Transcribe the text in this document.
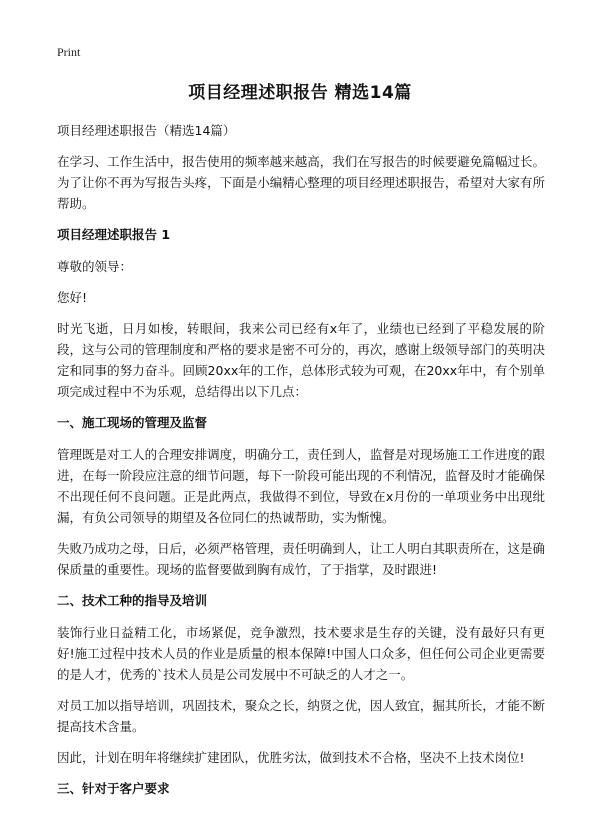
Print
项目经理述职报告 精选14篇

项目经理述职报告（精选14篇）

在学习、工作生活中，报告使用的频率越来越高，我们在写报告的时候要避免篇幅过长。为了让你不再为写报告头疼，下面是小编精心整理的项目经理述职报告，希望对大家有所帮助。

项目经理述职报告 1

尊敬的领导：

您好!

时光飞逝，日月如梭，转眼间，我来公司已经有x年了，业绩也已经到了平稳发展的阶段，这与公司的管理制度和严格的要求是密不可分的，再次，感谢上级领导部门的英明决定和同事的努力奋斗。回顾20xx年的工作，总体形式较为可观，在20xx年中，有个别单项完成过程中不为乐观，总结得出以下几点：

一、施工现场的管理及监督

管理既是对工人的合理安排调度，明确分工，责任到人，监督是对现场施工工作进度的跟进，在每一阶段应注意的细节问题，每下一阶段可能出现的不利情况，监督及时才能确保不出现任何不良问题。正是此两点，我做得不到位，导致在x月份的一单项业务中出现纰漏，有负公司领导的期望及各位同仁的热诚帮助，实为惭愧。

失败乃成功之母，日后，必须严格管理，责任明确到人，让工人明白其职责所在，这是确保质量的重要性。现场的监督要做到胸有成竹，了于指掌，及时跟进!

二、技术工种的指导及培训

装饰行业日益精工化，市场紧促，竞争激烈，技术要求是生存的关键，没有最好只有更好!施工过程中技术人员的作业是质量的根本保障!中国人口众多，但任何公司企业更需要的是人才，优秀的`技术人员是公司发展中不可缺乏的人才之一。

对员工加以指导培训，巩固技术，聚众之长，纳贤之优，因人致宜，掘其所长，才能不断提高技术含量。

因此，计划在明年将继续扩建团队，优胜劣汰，做到技术不合格，坚决不上技术岗位!

三、针对于客户要求
